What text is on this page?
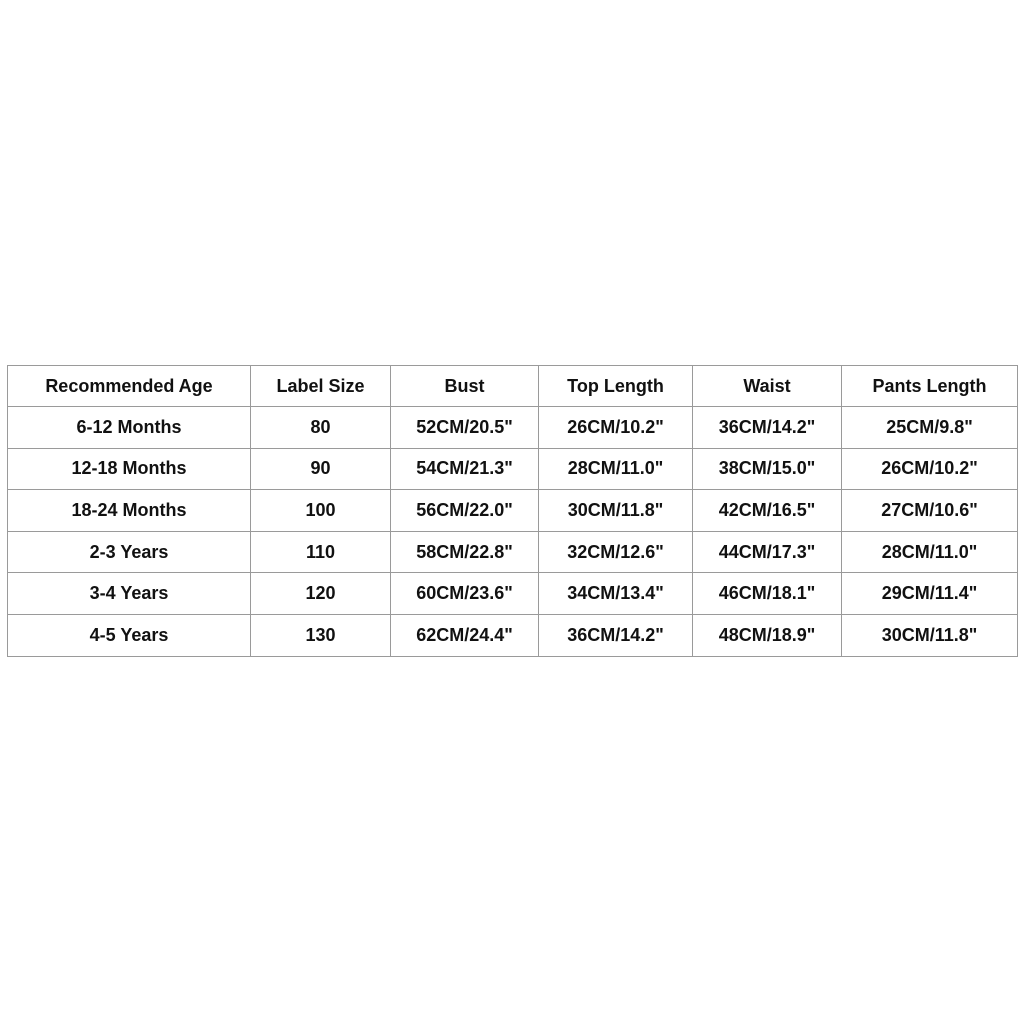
Recommended Age	Label Size	Bust	Top Length	Waist	Pants Length
6-12 Months	80	52CM/20.5"	26CM/10.2"	36CM/14.2"	25CM/9.8"
12-18 Months	90	54CM/21.3"	28CM/11.0"	38CM/15.0"	26CM/10.2"
18-24 Months	100	56CM/22.0"	30CM/11.8"	42CM/16.5"	27CM/10.6"
2-3 Years	110	58CM/22.8"	32CM/12.6"	44CM/17.3"	28CM/11.0"
3-4 Years	120	60CM/23.6"	34CM/13.4"	46CM/18.1"	29CM/11.4"
4-5 Years	130	62CM/24.4"	36CM/14.2"	48CM/18.9"	30CM/11.8"
